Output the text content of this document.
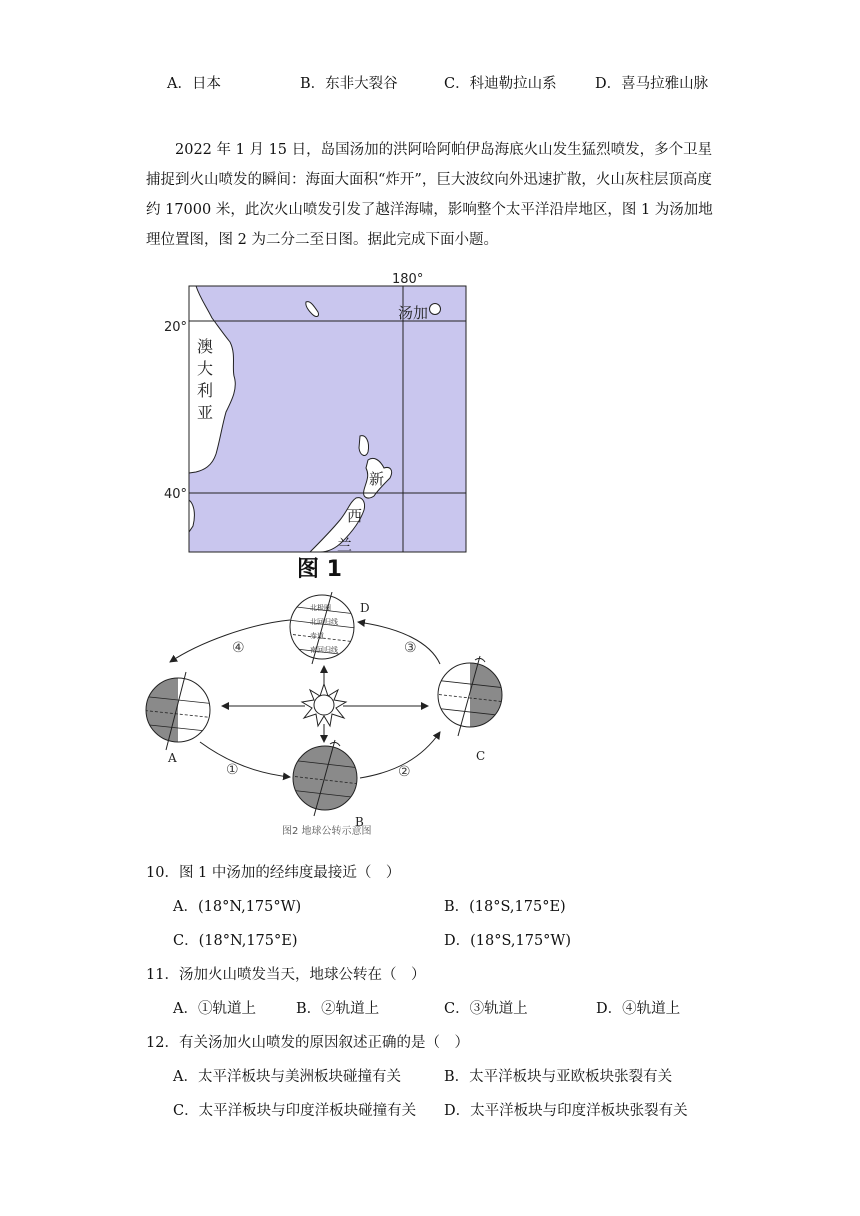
A．日本	B．东非大裂谷	C．科迪勒拉山系	D．喜马拉雅山脉

2022 年 1 月 15 日，岛国汤加的洪阿哈阿帕伊岛海底火山发生猛烈喷发，多个卫星捕捉到火山喷发的瞬间：海面大面积“炸开”，巨大波纹向外迅速扩散，火山灰柱层顶高度约 17000 米，此次火山喷发引发了越洋海啸，影响整个太平洋沿岸地区，图 1 为汤加地理位置图，图 2 为二分二至日图。据此完成下面小题。

180°
20°
40°
汤加
澳
大
利
亚
新
西
兰
图 1
北极圈
北回归线
赤道
南回归线
A
B
C
D
④	③
①	②
图2 地球公转示意图
10．图 1 中汤加的经纬度最接近（　）
A．(18°N,175°W)	B．(18°S,175°E)
C．(18°N,175°E)	D．(18°S,175°W)
11．汤加火山喷发当天，地球公转在（　）
A．①轨道上	B．②轨道上	C．③轨道上	D．④轨道上
12．有关汤加火山喷发的原因叙述正确的是（　）
A．太平洋板块与美洲板块碰撞有关	B．太平洋板块与亚欧板块张裂有关
C．太平洋板块与印度洋板块碰撞有关 D．太平洋板块与印度洋板块张裂有关
